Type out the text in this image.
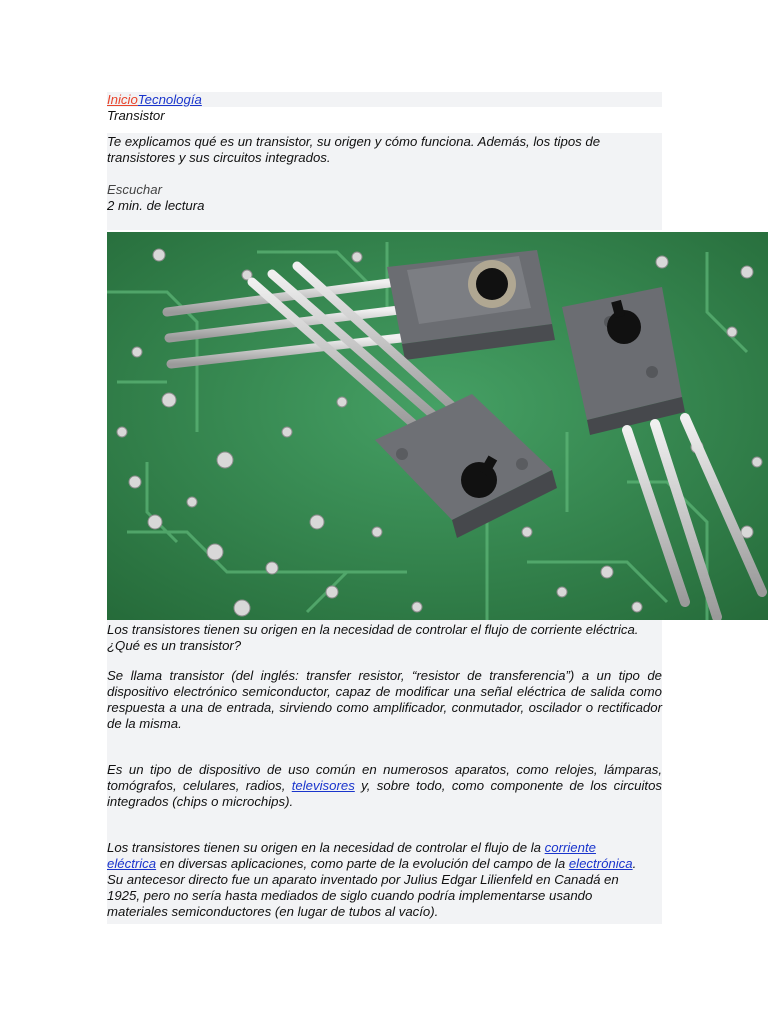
InicioTecnología
Transistor

Te explicamos qué es un transistor, su origen y cómo funciona. Además, los tipos de transistores y sus circuitos integrados.

Escuchar

2 min. de lectura

Los transistores tienen su origen en la necesidad de controlar el flujo de corriente eléctrica.

¿Qué es un transistor?

Se llama transistor (del inglés: transfer resistor, “resistor de transferencia”) a un tipo de dispositivo electrónico semiconductor, capaz de modificar una señal eléctrica de salida como respuesta a una de entrada, sirviendo como amplificador, conmutador, oscilador o rectificador de la misma.

Es un tipo de dispositivo de uso común en numerosos aparatos, como relojes, lámparas, tomógrafos, celulares, radios, televisores y, sobre todo, como componente de los circuitos integrados (chips o microchips).

Los transistores tienen su origen en la necesidad de controlar el flujo de la corriente eléctrica en diversas aplicaciones, como parte de la evolución del campo de la electrónica. Su antecesor directo fue un aparato inventado por Julius Edgar Lilienfeld en Canadá en 1925, pero no sería hasta mediados de siglo cuando podría implementarse usando materiales semiconductores (en lugar de tubos al vacío).
